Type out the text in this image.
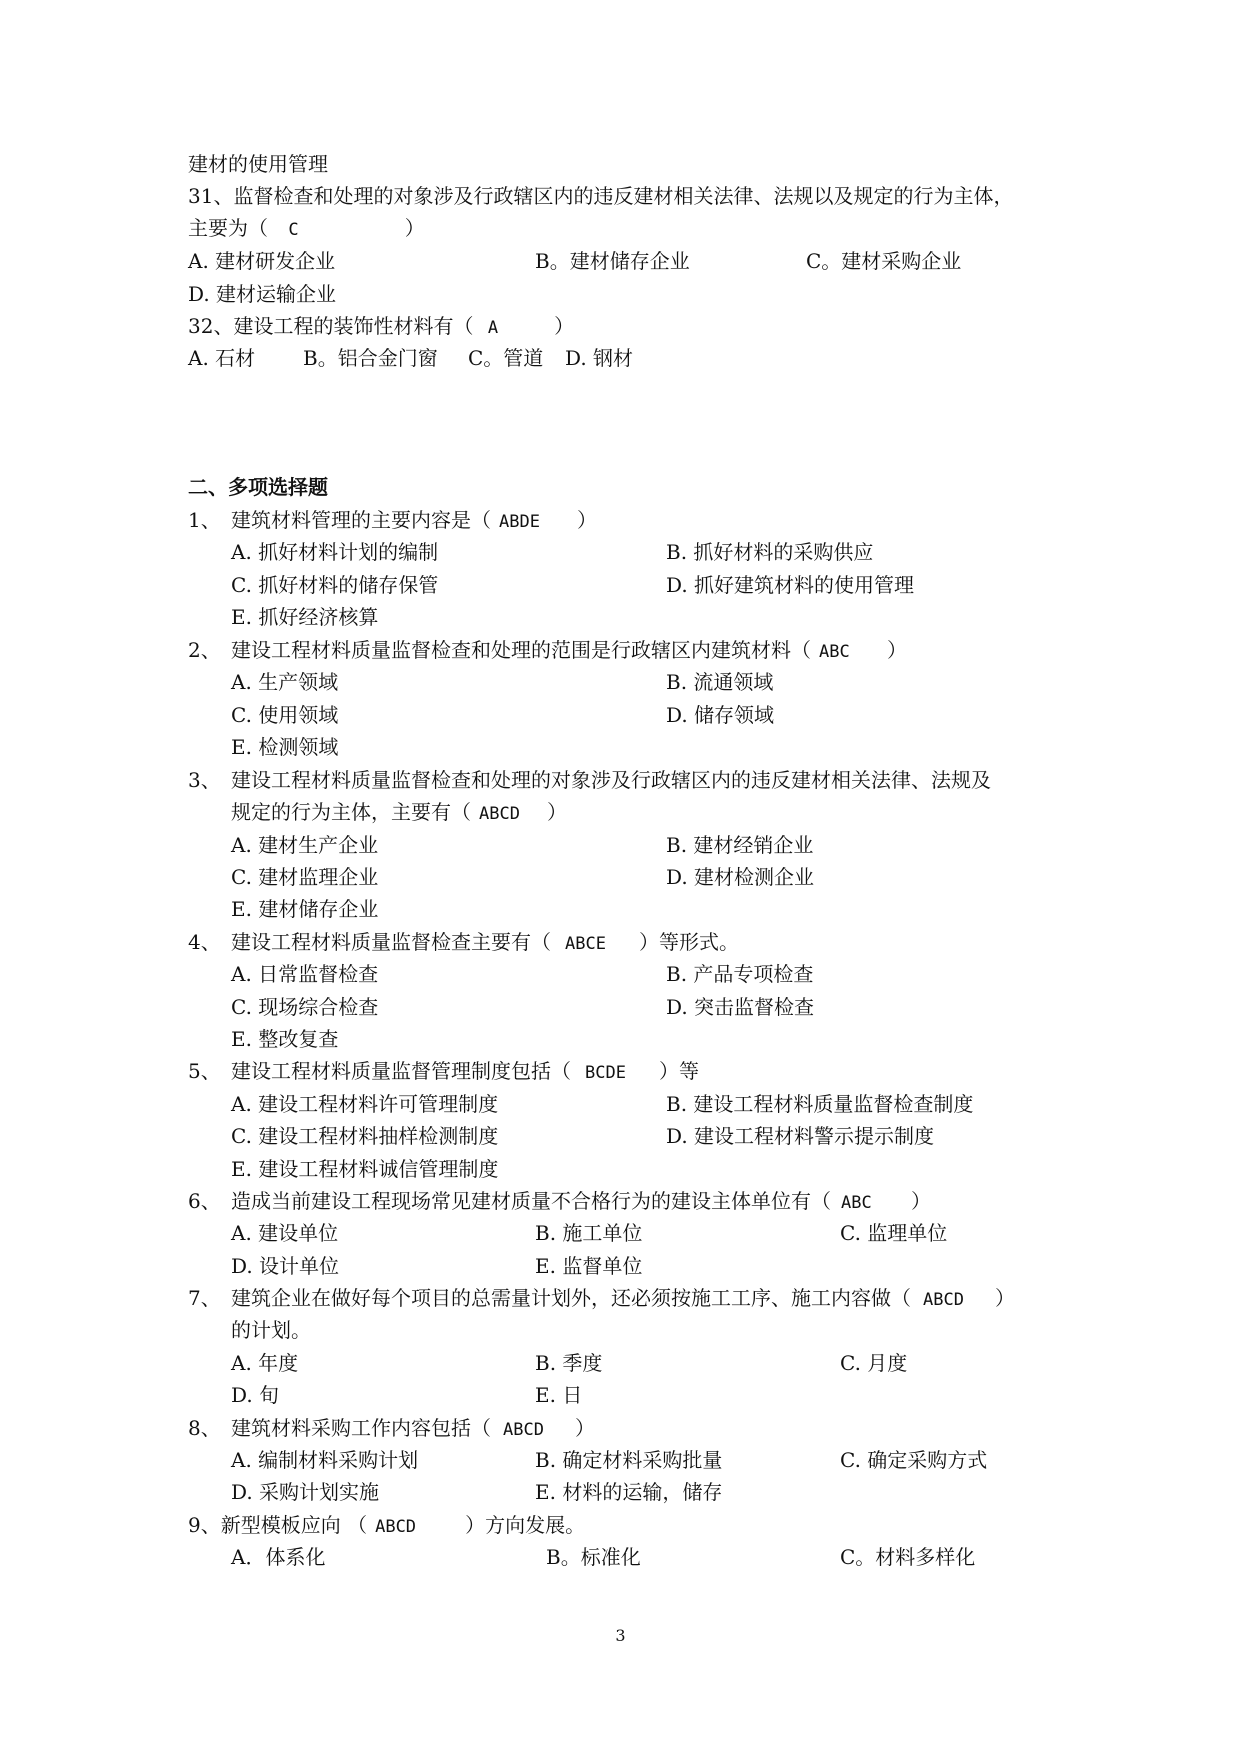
建材的使用管理
31、监督检查和处理的对象涉及行政辖区内的违反建材相关法律、法规以及规定的行为主体，
主要为（ C	）
A. 建材研发企业	B。建材储存企业	C。建材采购企业
D. 建材运输企业
32、建设工程的装饰性材料有（ A	）
A. 石材 B。铝合金门窗 C。管道 D. 钢材
二、多项选择题
1、 建筑材料管理的主要内容是（ ABDE ）
A. 抓好材料计划的编制	B. 抓好材料的采购供应
C. 抓好材料的储存保管	D. 抓好建筑材料的使用管理
E. 抓好经济核算
2、 建设工程材料质量监督检查和处理的范围是行政辖区内建筑材料（ ABC ）
A. 生产领域	B. 流通领域
C. 使用领域	D. 储存领域
E. 检测领域
3、 建设工程材料质量监督检查和处理的对象涉及行政辖区内的违反建材相关法律、法规及
规定的行为主体，主要有（ ABCD ）
A. 建材生产企业	B. 建材经销企业
C. 建材监理企业	D. 建材检测企业
E. 建材储存企业
4、 建设工程材料质量监督检查主要有（ ABCE ）等形式。
A. 日常监督检查	B. 产品专项检查
C. 现场综合检查	D. 突击监督检查
E. 整改复查
5、 建设工程材料质量监督管理制度包括（ BCDE ）等
A. 建设工程材料许可管理制度	B. 建设工程材料质量监督检查制度
C. 建设工程材料抽样检测制度	D. 建设工程材料警示提示制度
E. 建设工程材料诚信管理制度
6、 造成当前建设工程现场常见建材质量不合格行为的建设主体单位有（ ABC ）
A. 建设单位	B. 施工单位	C. 监理单位
D. 设计单位	E. 监督单位
7、 建筑企业在做好每个项目的总需量计划外，还必须按施工工序、施工内容做（ ABCD ）
的计划。
A. 年度	B. 季度	C. 月度
D. 旬	E. 日
8、 建筑材料采购工作内容包括（ ABCD ）
A. 编制材料采购计划	B. 确定材料采购批量	C. 确定采购方式
D. 采购计划实施	E. 材料的运输，储存
9、新型模板应向 （ ABCD ）方向发展。
A．体系化	B。标准化	C。材料多样化
3
